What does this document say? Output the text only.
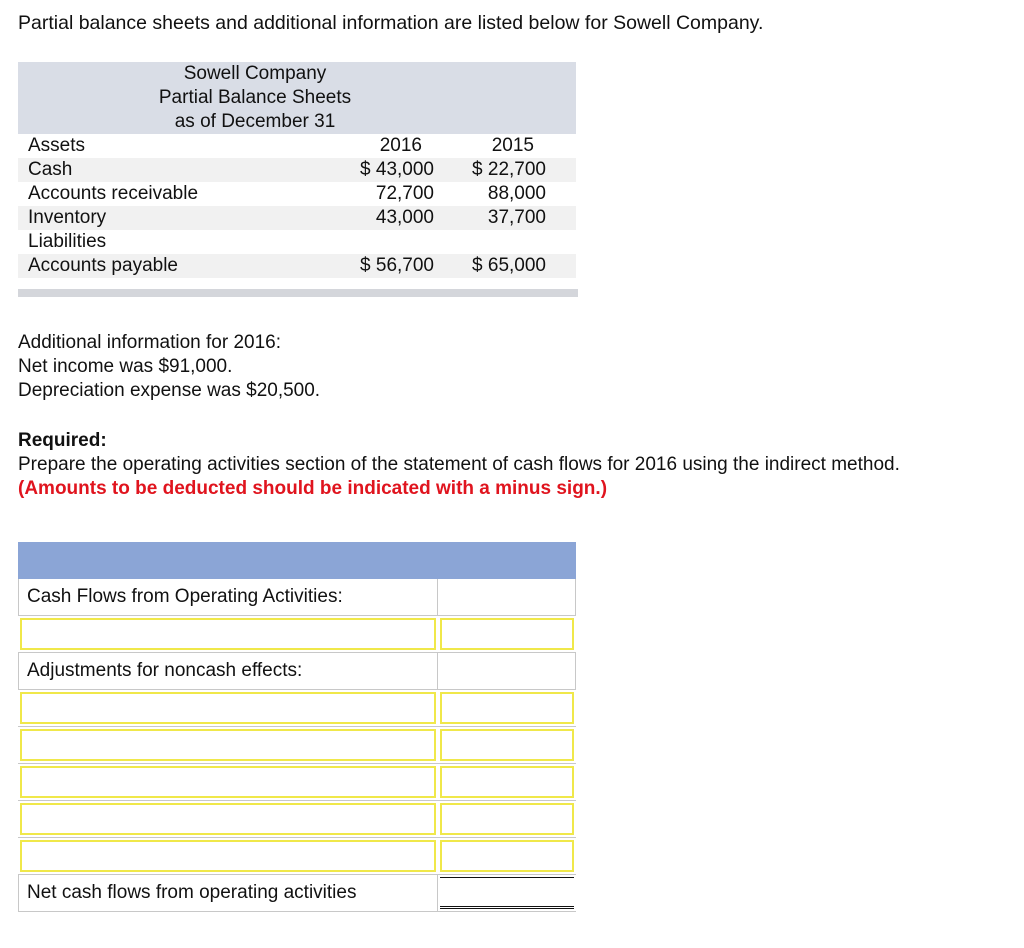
Partial balance sheets and additional information are listed below for Sowell Company.
Sowell Company
Partial Balance Sheets
as of December 31
Assets	2016	2015
Cash	$ 43,000 $ 22,700
Accounts receivable	72,700	88,000
Inventory	43,000	37,700
Liabilities
Accounts payable	$ 56,700 $ 65,000
Additional information for 2016:
Net income was $91,000.
Depreciation expense was $20,500.
Required:
Prepare the operating activities section of the statement of cash flows for 2016 using the indirect method.
(Amounts to be deducted should be indicated with a minus sign.)
Cash Flows from Operating Activities:
Adjustments for noncash effects:
Net cash flows from operating activities
